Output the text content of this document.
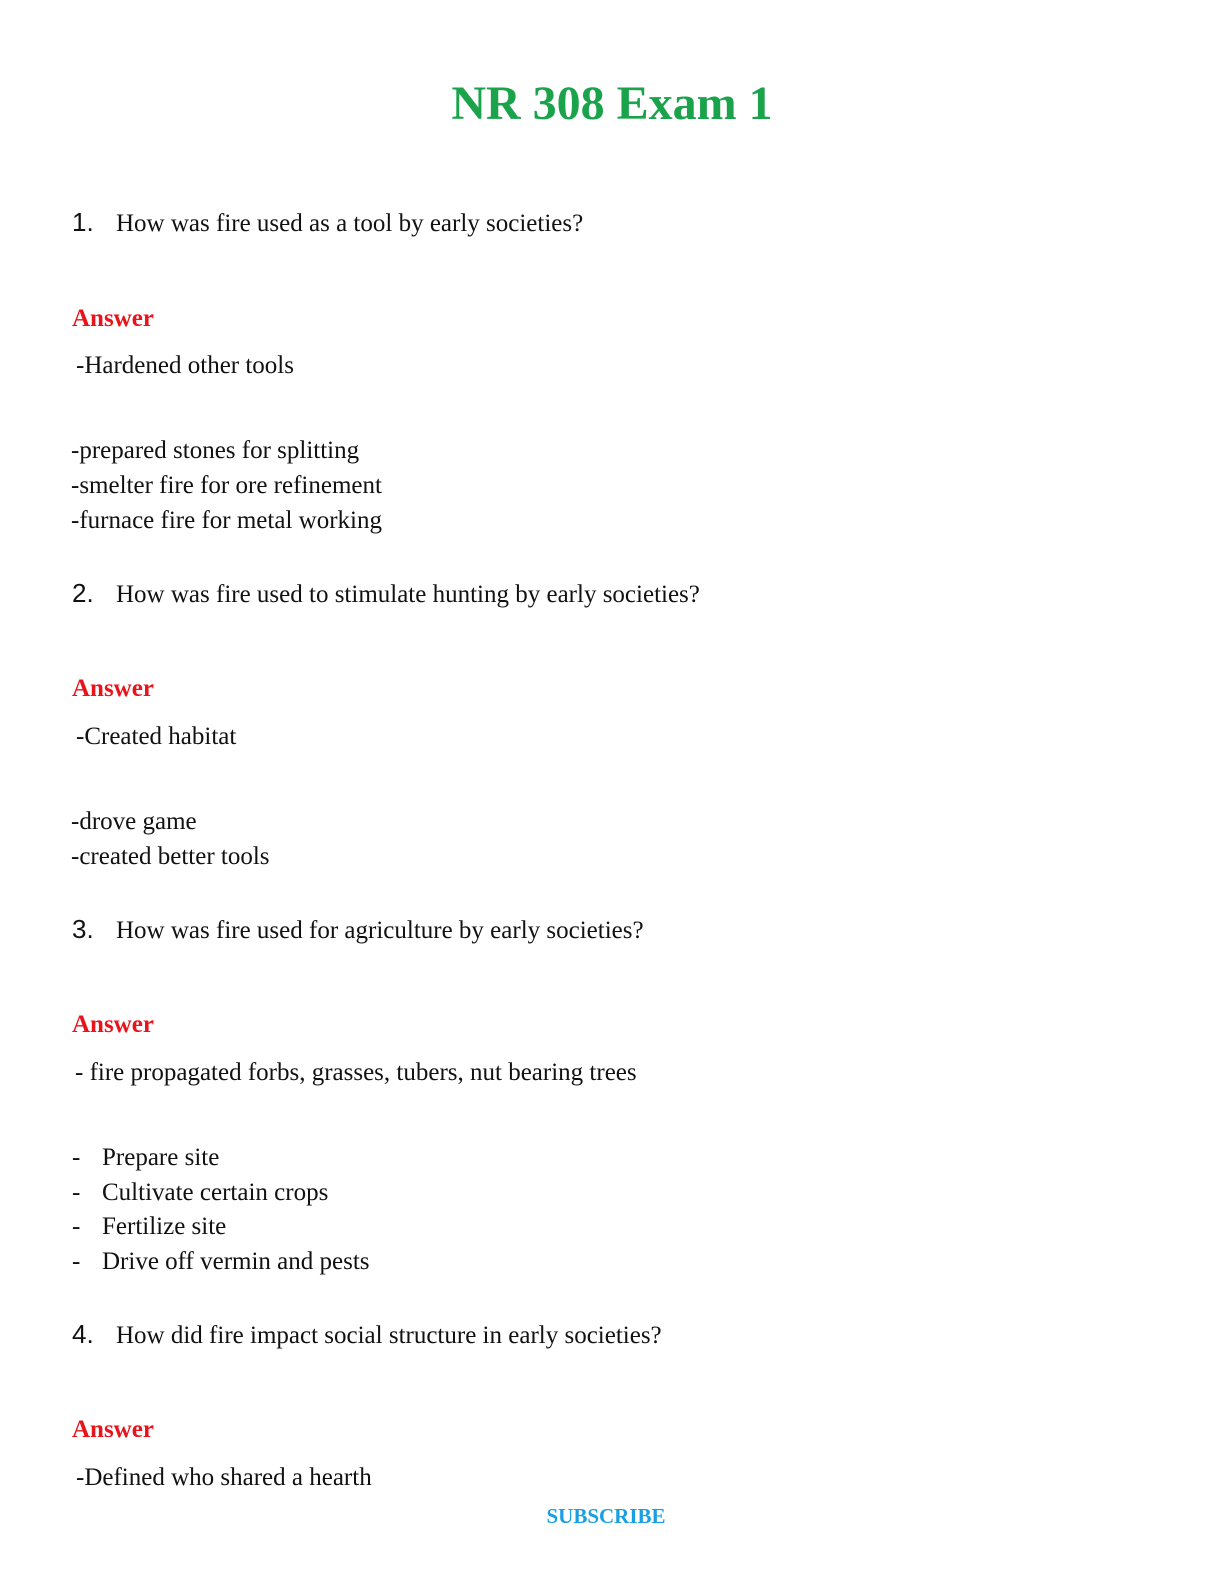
NR 308 Exam 1
1. How was fire used as a tool by early societies?
Answer
-Hardened other tools
-prepared stones for splitting
-smelter fire for ore refinement
-furnace fire for metal working
2. How was fire used to stimulate hunting by early societies?
Answer
-Created habitat
-drove game
-created better tools
3. How was fire used for agriculture by early societies?
Answer
- fire propagated forbs, grasses, tubers, nut bearing trees
- Prepare site
- Cultivate certain crops
- Fertilize site
- Drive off vermin and pests
4. How did fire impact social structure in early societies?
Answer
-Defined who shared a hearth
SUBSCRIBE
